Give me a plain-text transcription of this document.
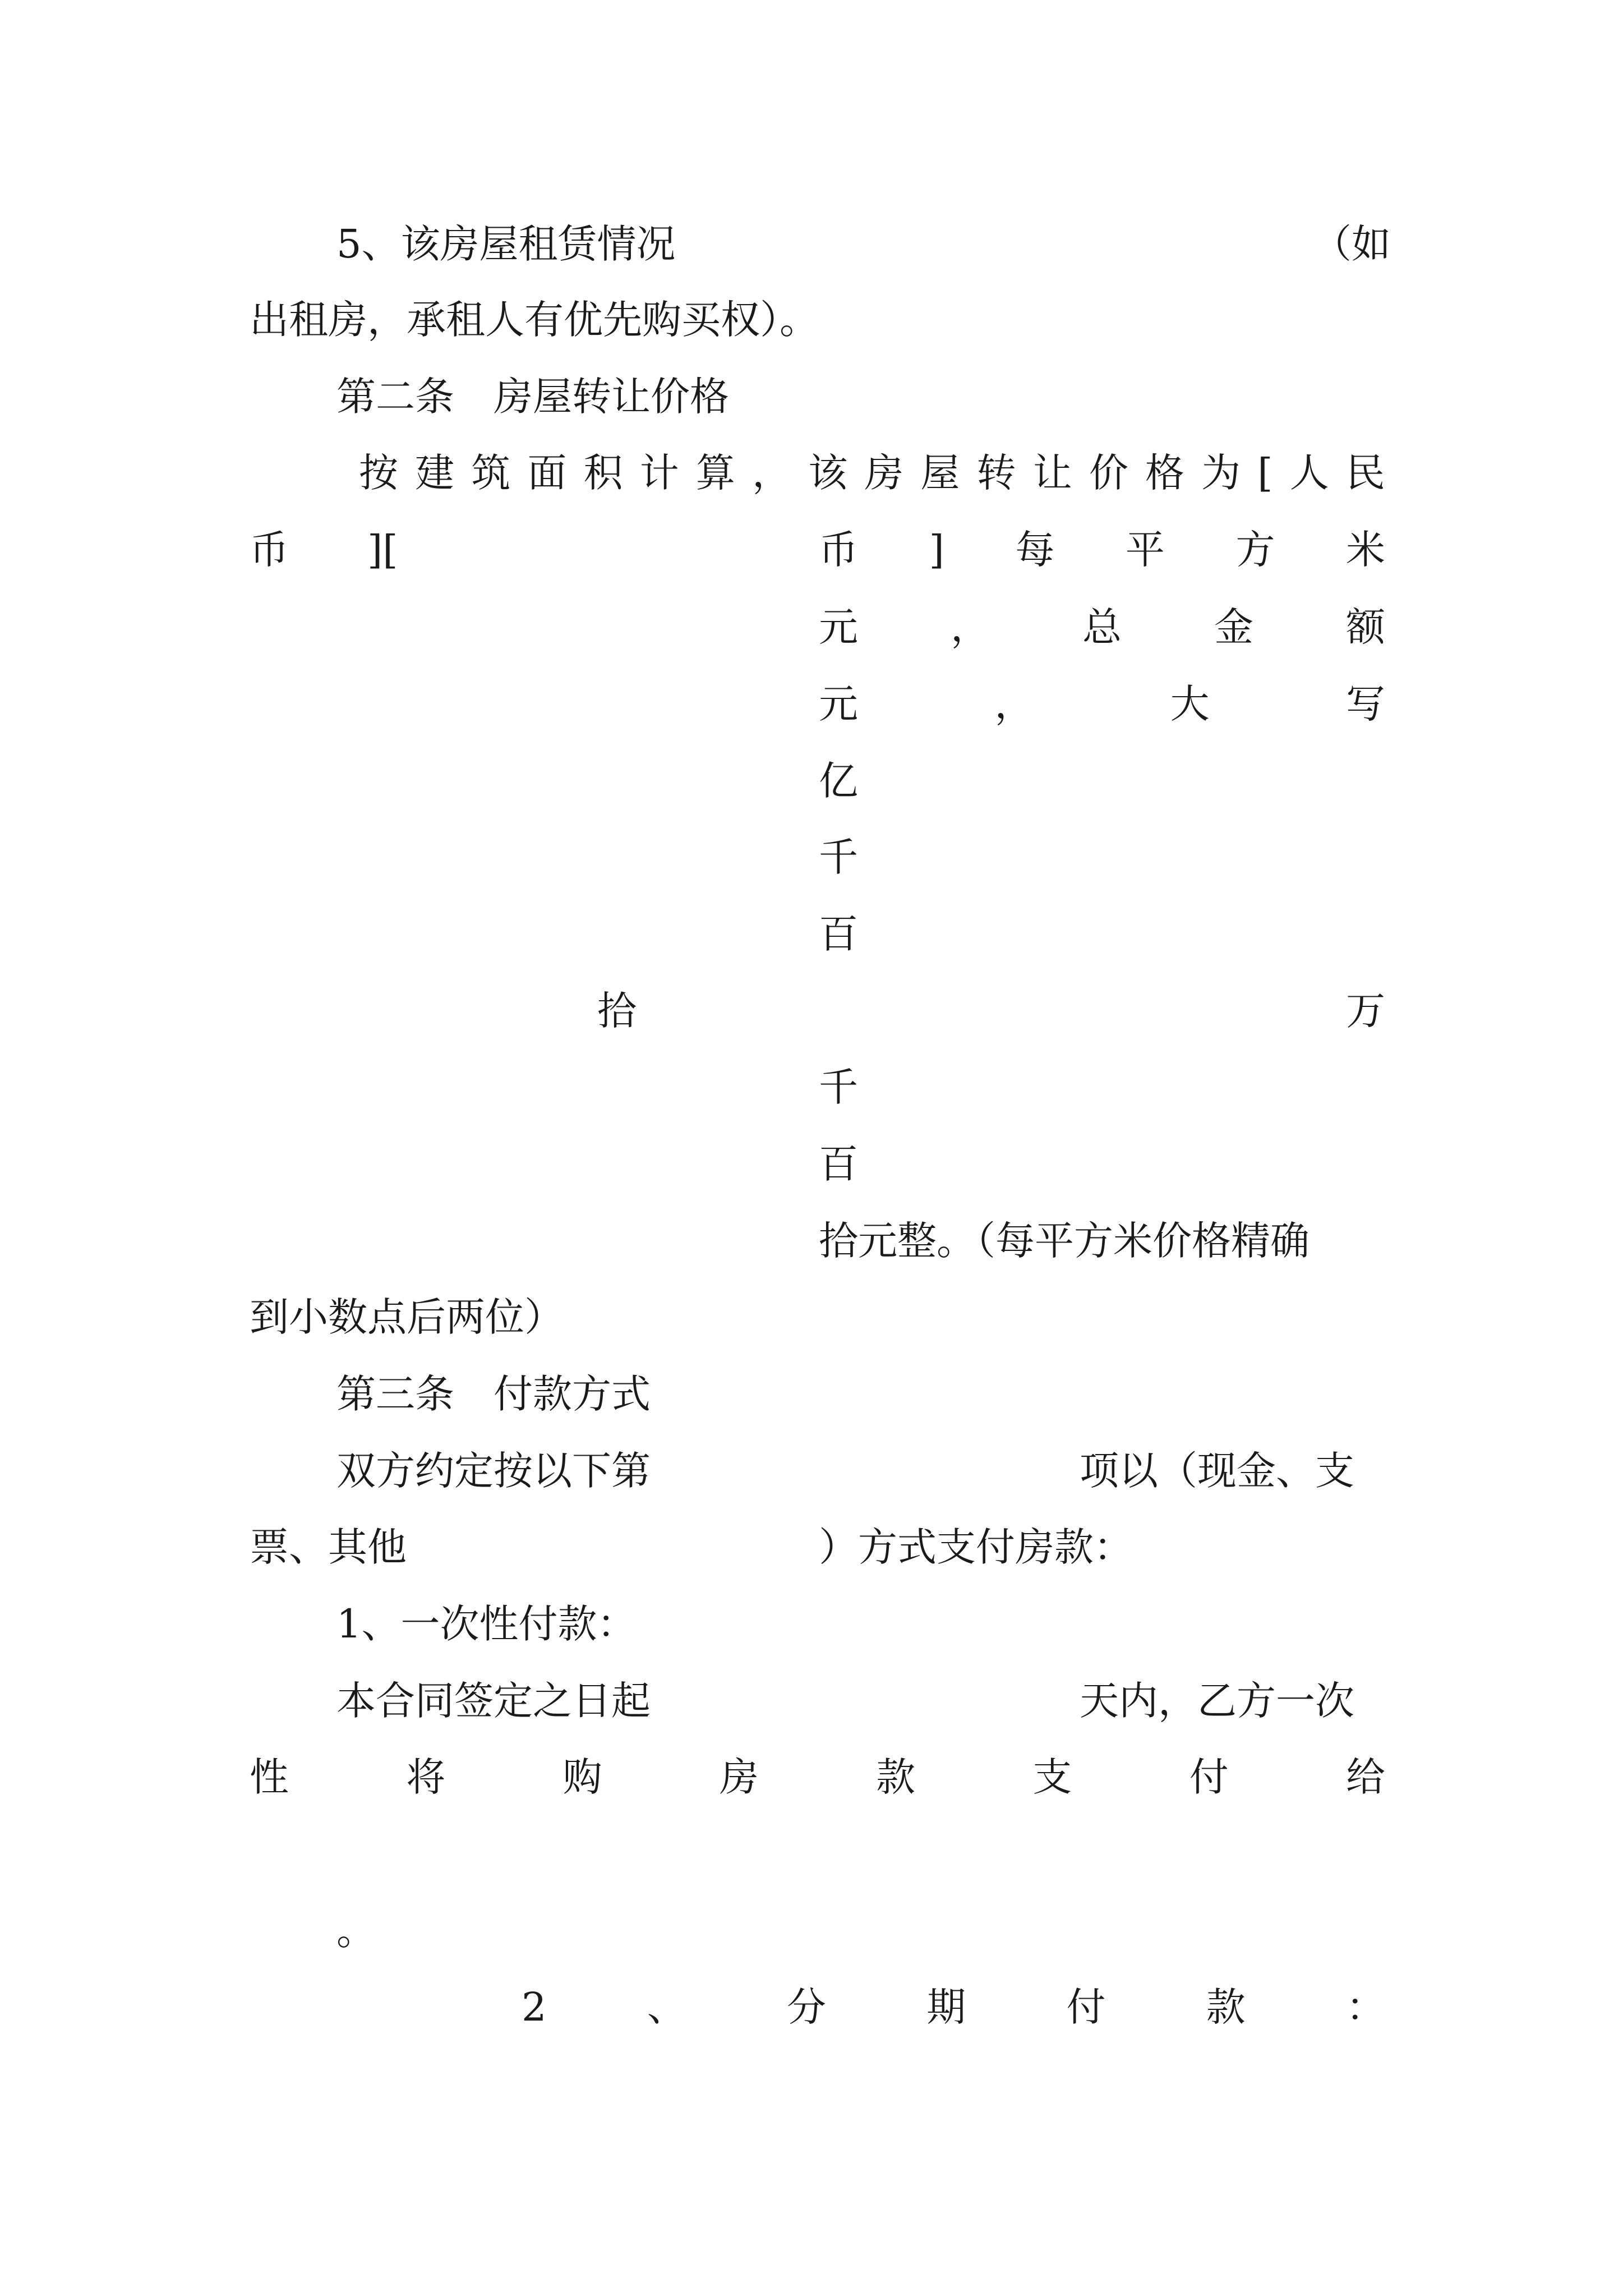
5、该房屋租赁情况	（如
出租房，承租人有优先购买权）。
第二条　房屋转让价格
按 建 筑 面 积 计 算 ， 该 房 屋 转 让 价 格 为 [ 人 民
币　　][	币 ] 每 平 方 米
元 ， 总 金 额
元	，	大	写
亿
千
百
拾	万
千
百
拾元整。（每平方米价格精确
到小数点后两位）
第三条　付款方式
双方约定按以下第	项以（现金、支
票、其他	）方式支付房款：
1、一次性付款：
本合同签定之日起	天内，乙方一次
性	将	购	房	款	支	付	给
。
2	、	分	期	付	款	：
